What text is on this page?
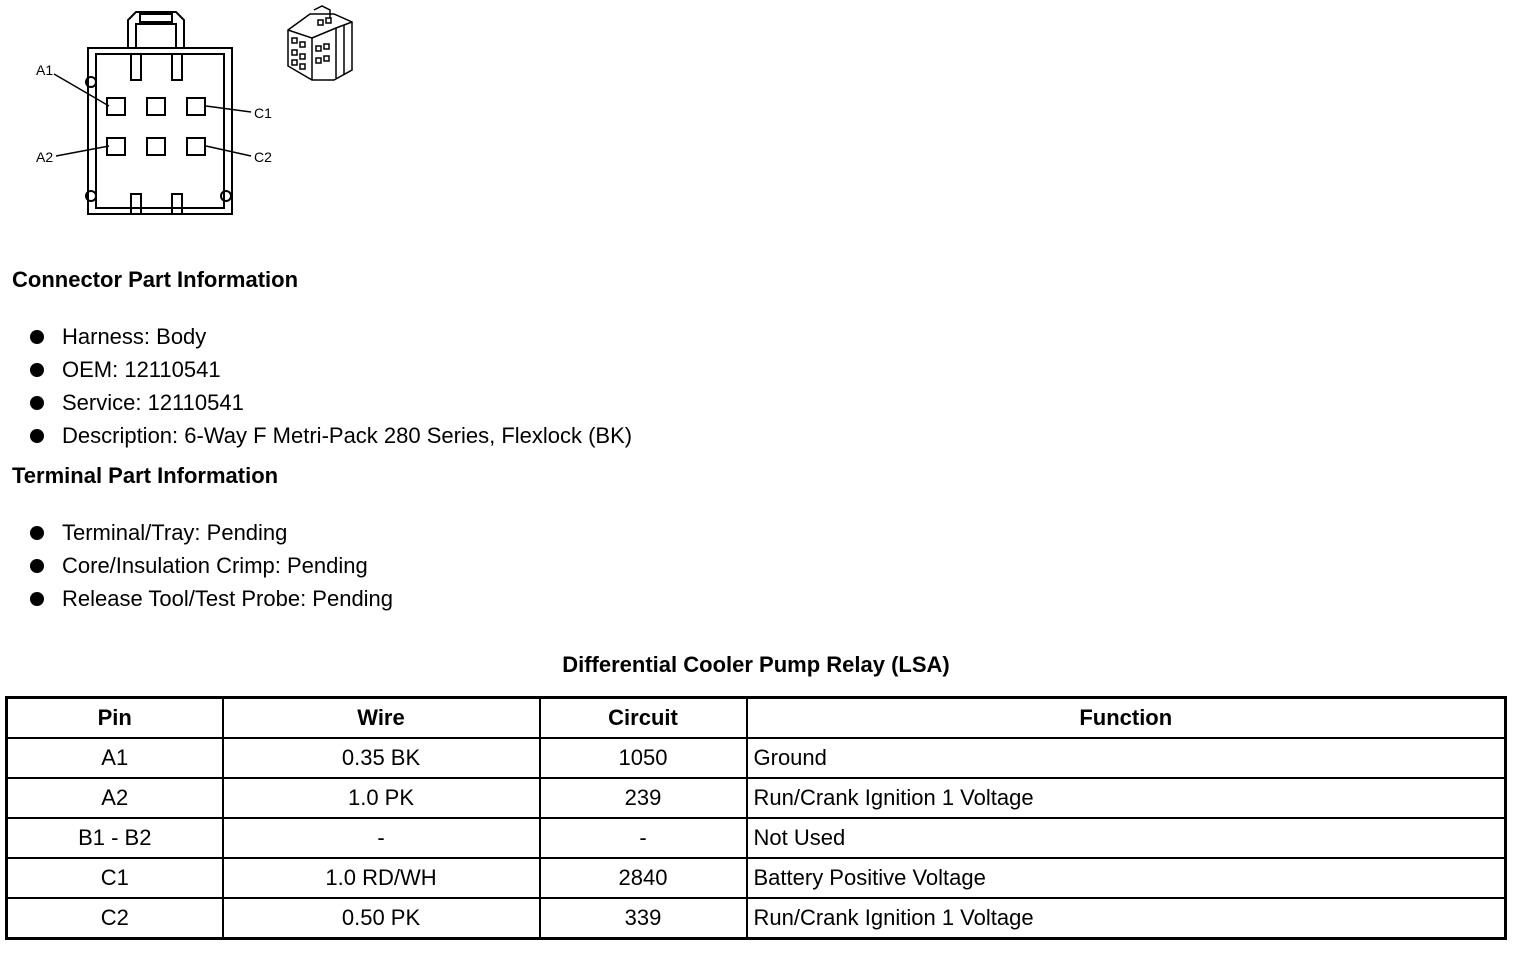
A1
A2
C1
C2
Connector Part Information
Harness: Body
OEM: 12110541
Service: 12110541
Description: 6-Way F Metri-Pack 280 Series, Flexlock (BK)
Terminal Part Information
Terminal/Tray: Pending
Core/Insulation Crimp: Pending
Release Tool/Test Probe: Pending
Differential Cooler Pump Relay (LSA)
Pin	Wire	Circuit	Function
A1	0.35 BK	1050	Ground
A2	1.0 PK	239	Run/Crank Ignition 1 Voltage
B1 - B2	-	-	Not Used
C1	1.0 RD/WH	2840	Battery Positive Voltage
C2	0.50 PK	339	Run/Crank Ignition 1 Voltage
